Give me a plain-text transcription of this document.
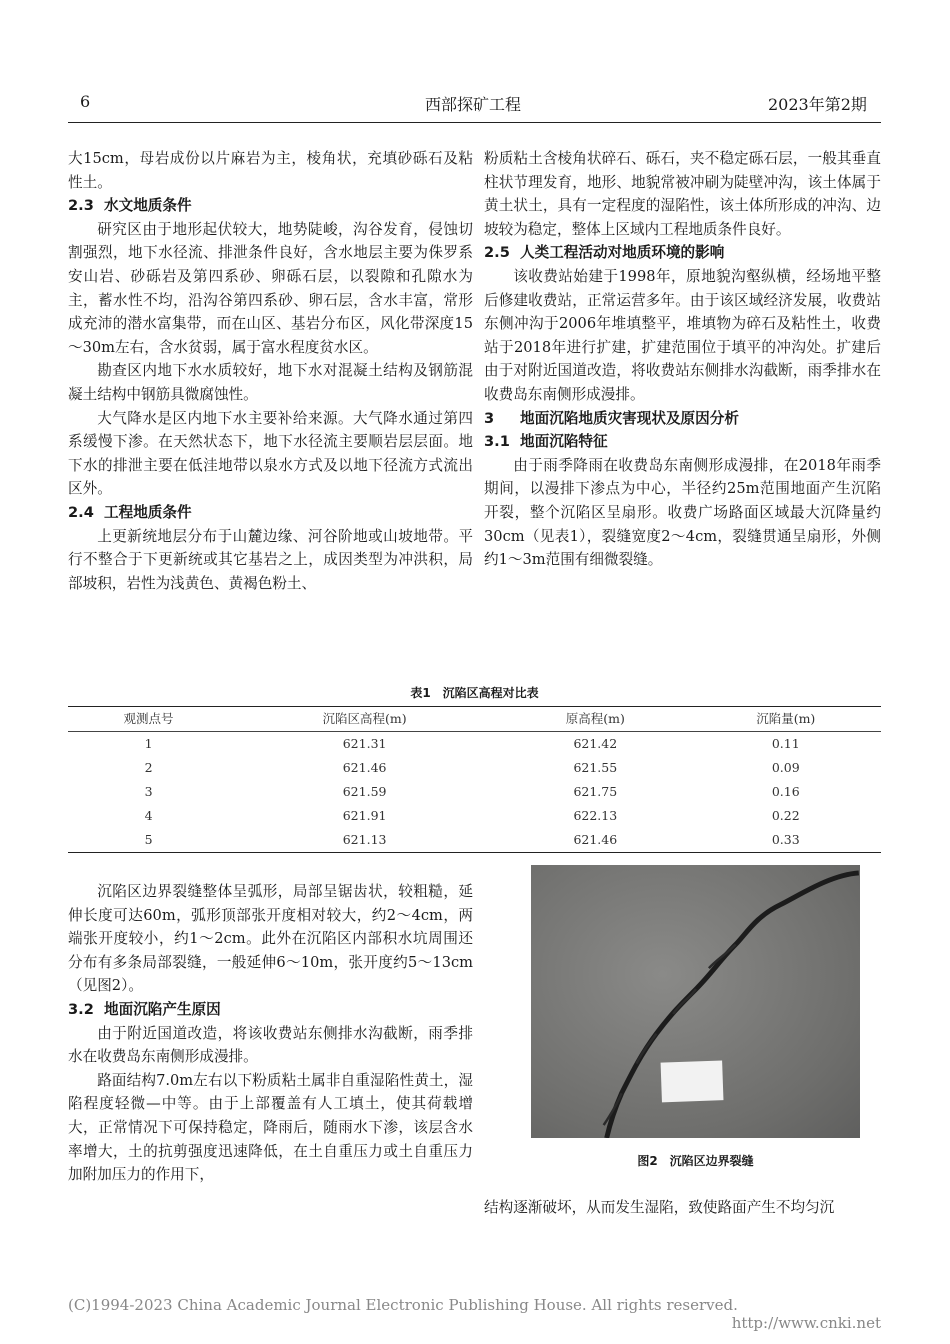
6	西部探矿工程	2023年第2期

大15cm，母岩成份以片麻岩为主，棱角状，充填砂砾石及粘性土。

2.3 水文地质条件

研究区由于地形起伏较大，地势陡峻，沟谷发育，侵蚀切割强烈，地下水径流、排泄条件良好，含水地层主要为侏罗系安山岩、砂砾岩及第四系砂、卵砾石层，以裂隙和孔隙水为主，蓄水性不均，沿沟谷第四系砂、卵石层，含水丰富，常形成充沛的潜水富集带，而在山区、基岩分布区，风化带深度15～30m左右，含水贫弱，属于富水程度贫水区。

勘查区内地下水水质较好，地下水对混凝土结构及钢筋混凝土结构中钢筋具微腐蚀性。

大气降水是区内地下水主要补给来源。大气降水通过第四系缓慢下渗。在天然状态下，地下水径流主要顺岩层层面。地下水的排泄主要在低洼地带以泉水方式及以地下径流方式流出区外。

2.4 工程地质条件

上更新统地层分布于山麓边缘、河谷阶地或山坡地带。平行不整合于下更新统或其它基岩之上，成因类型为冲洪积，局部坡积，岩性为浅黄色、黄褐色粉土、

粉质粘土含棱角状碎石、砾石，夹不稳定砾石层，一般其垂直柱状节理发育，地形、地貌常被冲刷为陡壁冲沟，该土体属于黄土状土，具有一定程度的湿陷性，该土体所形成的冲沟、边坡较为稳定，整体上区域内工程地质条件良好。

2.5 人类工程活动对地质环境的影响

该收费站始建于1998年，原地貌沟壑纵横，经场地平整后修建收费站，正常运营多年。由于该区域经济发展，收费站东侧冲沟于2006年堆填整平，堆填物为碎石及粘性土，收费站于2018年进行扩建，扩建范围位于填平的冲沟处。扩建后由于对附近国道改造，将收费站东侧排水沟截断，雨季排水在收费岛东南侧形成漫排。

3 地面沉陷地质灾害现状及原因分析
3.1 地面沉陷特征

由于雨季降雨在收费岛东南侧形成漫排，在2018年雨季期间，以漫排下渗点为中心，半径约25m范围地面产生沉陷开裂，整个沉陷区呈扇形。收费广场路面区域最大沉降量约30cm（见表1），裂缝宽度2～4cm，裂缝贯通呈扇形，外侧约1～3m范围有细微裂缝。

表1　沉陷区高程对比表
观测点号	沉陷区高程(m)	原高程(m)	沉陷量(m)
1	621.31	621.42	0.11
2	621.46	621.55	0.09
3	621.59	621.75	0.16
4	621.91	622.13	0.22
5	621.13	621.46	0.33

沉陷区边界裂缝整体呈弧形，局部呈锯齿状，较粗糙，延伸长度可达60m，弧形顶部张开度相对较大，约2～4cm，两端张开度较小，约1～2cm。此外在沉陷区内部积水坑周围还分布有多条局部裂缝，一般延伸6～10m，张开度约5～13cm（见图2）。

3.2 地面沉陷产生原因

由于附近国道改造，将该收费站东侧排水沟截断，雨季排水在收费岛东南侧形成漫排。

路面结构7.0m左右以下粉质粘土属非自重湿陷性黄土，湿陷程度轻微—中等。由于上部覆盖有人工填土，使其荷载增大，正常情况下可保持稳定，降雨后，随雨水下渗，该层含水率增大，土的抗剪强度迅速降低，在土自重压力或土自重压力加附加压力的作用下，

图2　沉陷区边界裂缝

结构逐渐破坏，从而发生湿陷，致使路面产生不均匀沉

(C)1994-2023 China Academic Journal Electronic Publishing House. All rights reserved.
http://www.cnki.net
